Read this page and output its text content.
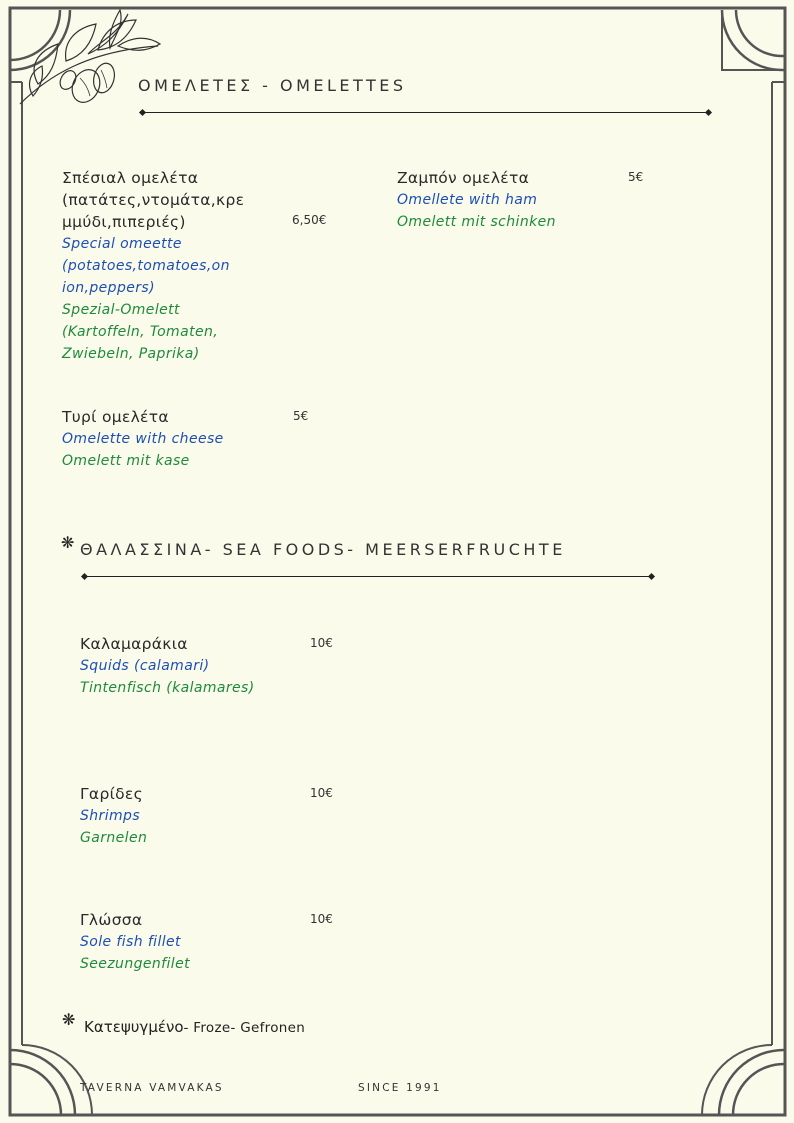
ΟΜΕΛΕΤΕΣ - OMELETTES
Σπέσιαλ ομελέτα
(πατάτες,ντομάτα,κρε
μμύδι,πιπεριές)
Special omeette
(potatoes,tomatoes,on
ion,peppers)
Spezial-Omelett
(Kartoffeln, Tomaten,
Zwiebeln, Paprika)
6,50€
Ζαμπόν ομελέτα
Omellete with ham
Omelett mit schinken
5€
Τυρί ομελέτα
Omelette with cheese
Omelett mit kase
5€
❋ ΘΑΛΑΣΣΙΝΑ- SEA FOODS- MEERSERFRUCHTE
Καλαμαράκια
Squids (calamari)
Tintenfisch (kalamares)
10€
Γαρίδες
Shrimps
Garnelen
10€
Γλώσσα
Sole fish fillet
Seezungenfilet
10€
❋ Κατεψυγμένο- Froze- Gefronen
TAVERNA VAMVAKAS	SINCE 1991
